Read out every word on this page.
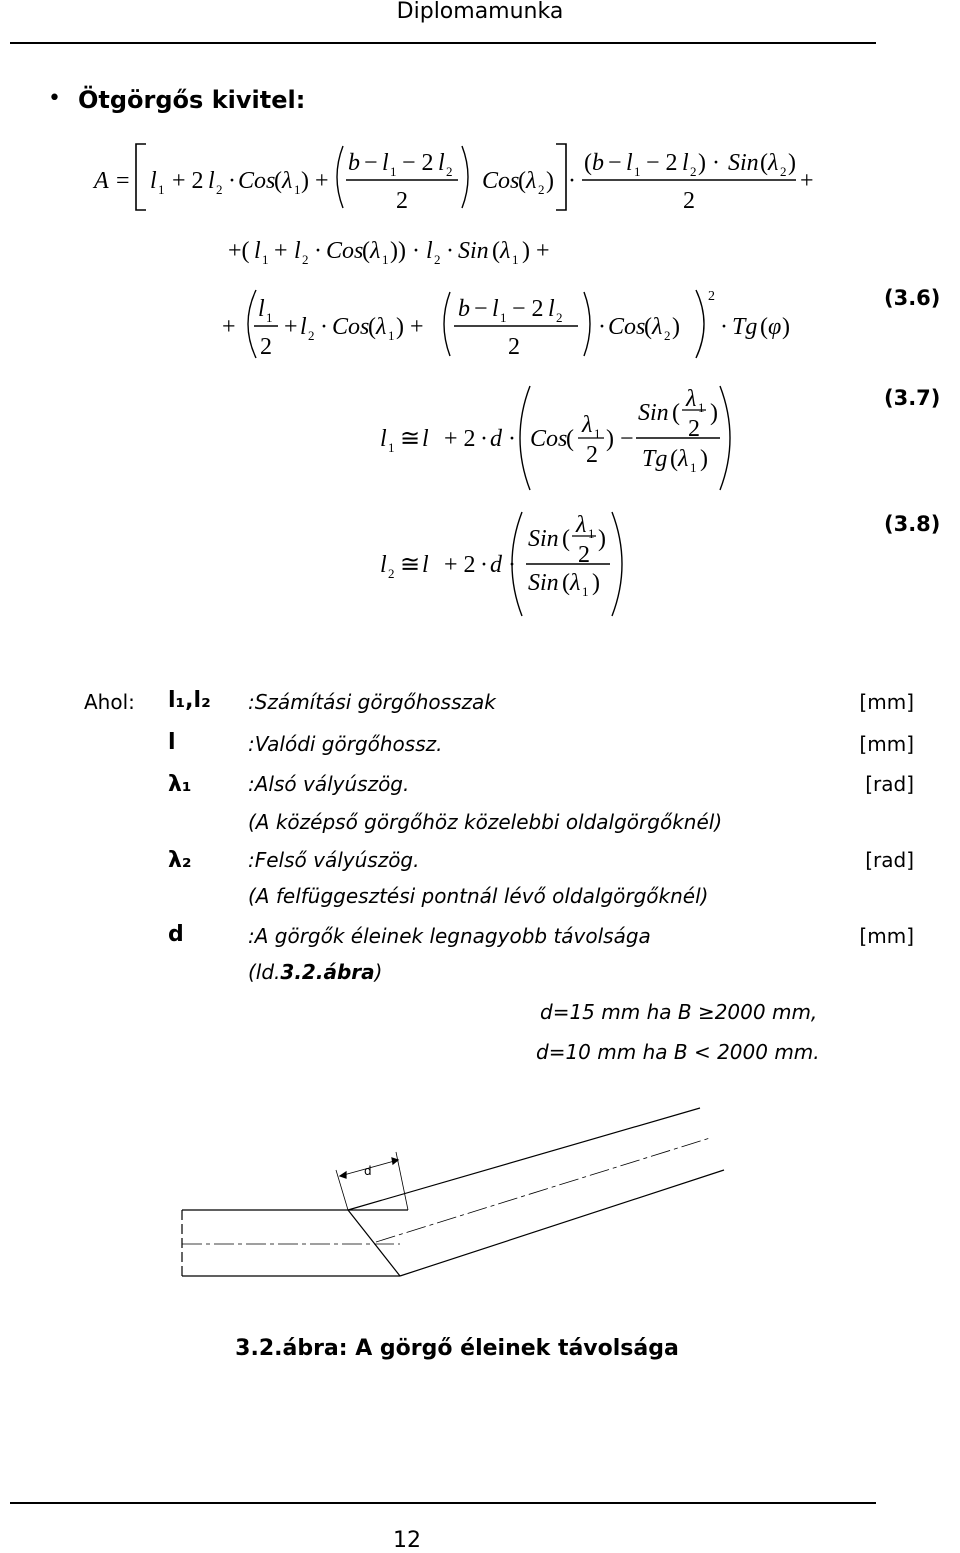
Diplomamunka
• Ötgörgős kivitel:
A = l 1 + 2 l 2 · Cos
( λ 1 ) +
b − l 1 − 2 l 2
2
Cos
( λ 2 ) ·
( b − l 1 − 2 l 2 ) · Sin ( λ 2 )
2
+
+( l 1 + l 2 · Cos
( λ 1 )) · l 2 · Sin ( λ 1 ) +
+
l 1
2
+ l 2 · Cos
( λ 1 ) +
b − l 1 − 2 l 2
2
· Cos
( λ 2 )
2
· Tg ( φ )
(3.6)
l 1 ≅ l + 2 · d · Cos
(
λ 1
2
) −
Sin (
λ 1
2
)
Tg ( λ 1 )
(3.7)
l 2 ≅ l + 2 · d ·
Sin (
λ 1
2
)
Sin ( λ 1 )
(3.8)
Ahol: l₁,l₂ :Számítási görgőhosszak	[mm]
l	:Valódi görgőhossz.	[mm]
λ₁	:Alsó vályúszög.	[rad]
(A középső görgőhöz közelebbi oldalgörgőknél)
λ₂	:Felső vályúszög.	[rad]
(A felfüggesztési pontnál lévő oldalgörgőknél)
d	:A görgők éleinek legnagyobb távolsága	[mm]
(ld.3.2.ábra)
d=15 mm ha B ≥2000 mm,
d=10 mm ha B < 2000 mm.
d
3.2.ábra: A görgő éleinek távolsága
12
